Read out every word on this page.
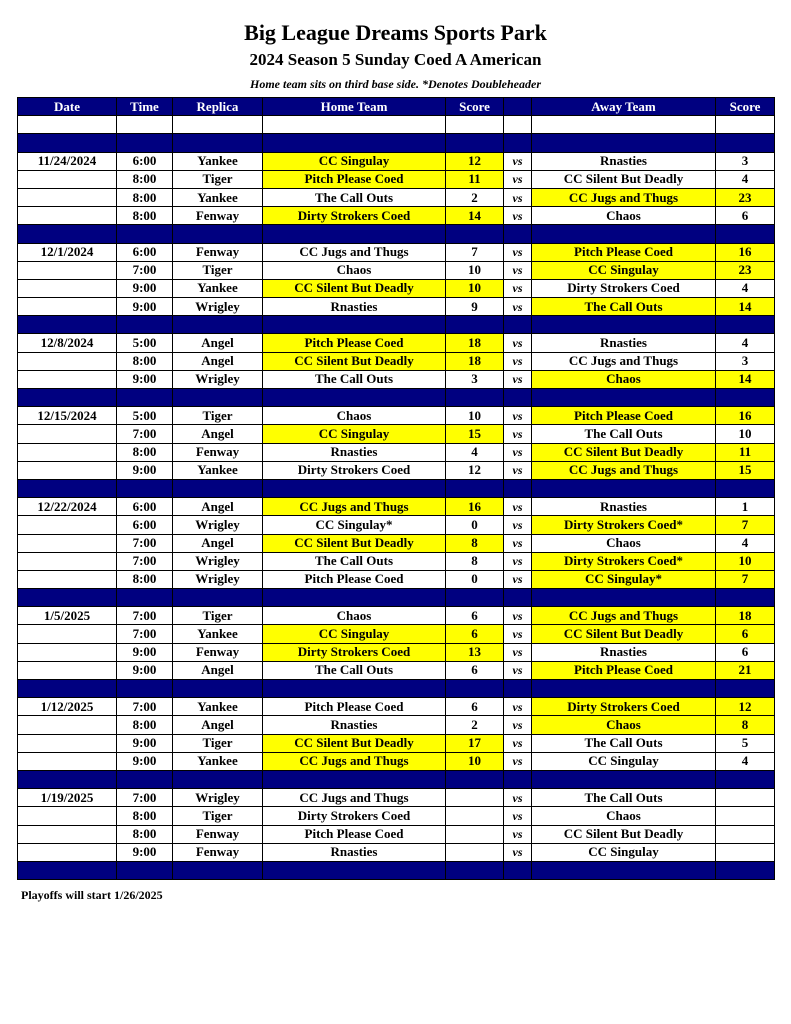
Big League Dreams Sports Park
2024 Season 5 Sunday Coed A American
Home team sits on third base side. *Denotes Doubleheader
Date	Time	Replica	Home Team	Score		Away Team	Score

11/24/2024	6:00	Yankee	CC Singulay	12	vs	Rnasties	3
	8:00	Tiger	Pitch Please Coed	11	vs	CC Silent But Deadly	4
	8:00	Yankee	The Call Outs	2	vs	CC Jugs and Thugs	23
	8:00	Fenway	Dirty Strokers Coed	14	vs	Chaos	6

12/1/2024	6:00	Fenway	CC Jugs and Thugs	7	vs	Pitch Please Coed	16
	7:00	Tiger	Chaos	10	vs	CC Singulay	23
	9:00	Yankee	CC Silent But Deadly	10	vs	Dirty Strokers Coed	4
	9:00	Wrigley	Rnasties	9	vs	The Call Outs	14

12/8/2024	5:00	Angel	Pitch Please Coed	18	vs	Rnasties	4
	8:00	Angel	CC Silent But Deadly	18	vs	CC Jugs and Thugs	3
	9:00	Wrigley	The Call Outs	3	vs	Chaos	14

12/15/2024	5:00	Tiger	Chaos	10	vs	Pitch Please Coed	16
	7:00	Angel	CC Singulay	15	vs	The Call Outs	10
	8:00	Fenway	Rnasties	4	vs	CC Silent But Deadly	11
	9:00	Yankee	Dirty Strokers Coed	12	vs	CC Jugs and Thugs	15

12/22/2024	6:00	Angel	CC Jugs and Thugs	16	vs	Rnasties	1
	6:00	Wrigley	CC Singulay*	0	vs	Dirty Strokers Coed*	7
	7:00	Angel	CC Silent But Deadly	8	vs	Chaos	4
	7:00	Wrigley	The Call Outs	8	vs	Dirty Strokers Coed*	10
	8:00	Wrigley	Pitch Please Coed	0	vs	CC Singulay*	7

1/5/2025	7:00	Tiger	Chaos	6	vs	CC Jugs and Thugs	18
	7:00	Yankee	CC Singulay	6	vs	CC Silent But Deadly	6
	9:00	Fenway	Dirty Strokers Coed	13	vs	Rnasties	6
	9:00	Angel	The Call Outs	6	vs	Pitch Please Coed	21

1/12/2025	7:00	Yankee	Pitch Please Coed	6	vs	Dirty Strokers Coed	12
	8:00	Angel	Rnasties	2	vs	Chaos	8
	9:00	Tiger	CC Silent But Deadly	17	vs	The Call Outs	5
	9:00	Yankee	CC Jugs and Thugs	10	vs	CC Singulay	4

1/19/2025	7:00	Wrigley	CC Jugs and Thugs		vs	The Call Outs	
	8:00	Tiger	Dirty Strokers Coed		vs	Chaos	
	8:00	Fenway	Pitch Please Coed		vs	CC Silent But Deadly	
	9:00	Fenway	Rnasties		vs	CC Singulay	

Playoffs will start 1/26/2025
